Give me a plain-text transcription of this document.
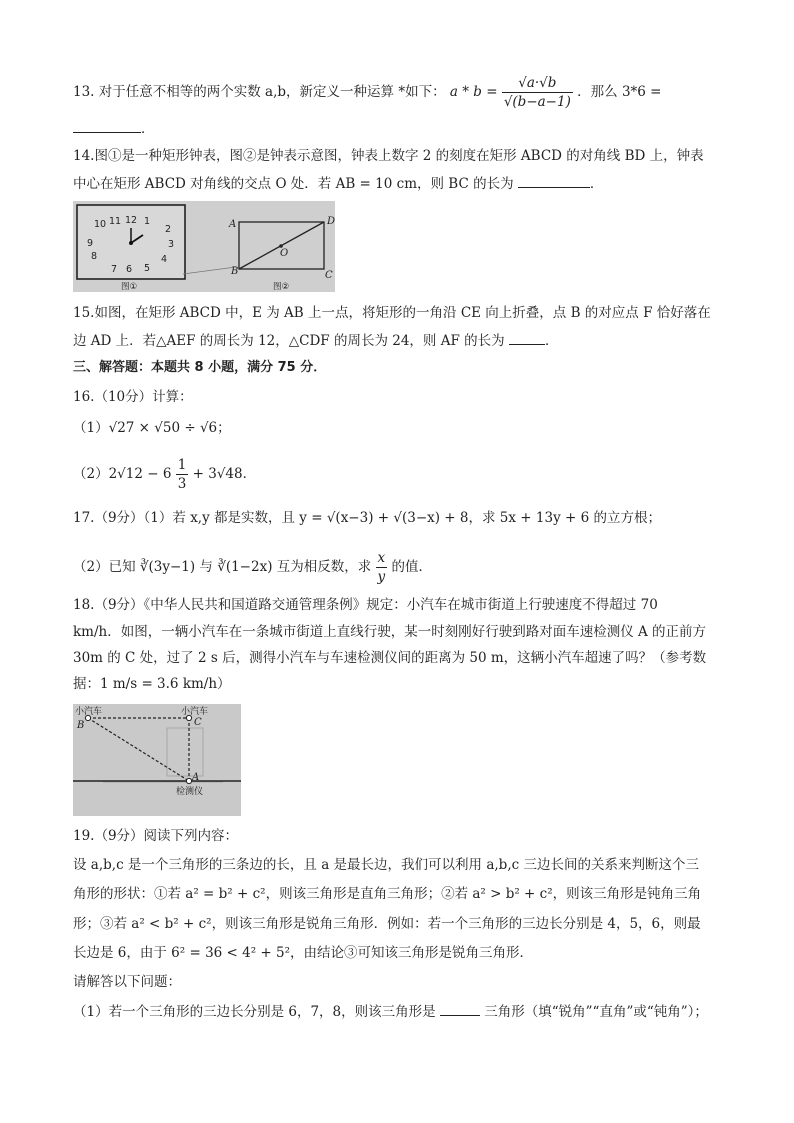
13. 对于任意不相等的两个实数 a,b，新定义一种运算 *如下： $a * b = \frac{√a\cdot√b}{√(b-a-1)}$ ．那么 3*6 =
．
14.图①是一种矩形钟表，图②是钟表示意图，钟表上数字 2 的刻度在矩形 ABCD 的对角线 BD 上，钟表
中心在矩形 ABCD 对角线的交点 O 处．若 AB = 10 cm，则 BC 的长为	．
11 12 1
10	2
3
9
8	4
7 6 5
图①
A	D
B	C
O
图②
15.如图，在矩形 ABCD 中，E 为 AB 上一点，将矩形的一角沿 CE 向上折叠，点 B 的对应点 F 恰好落在
边 AD 上．若△AEF 的周长为 12，△CDF 的周长为 24，则 AF 的长为	．
三、解答题：本题共 8 小题，满分 75 分．
16.（10分）计算：
（1）√27 × √50 ÷ √6；
$(2)2√12 - 6 \frac{1}{3} + 3√48$．
17.（9分）（1）若 x,y 都是实数，且 y = √(x−3) + √(3−x) + 8，求 5x + 13y + 6 的立方根；
（2）已知 ∛(3y−1) 与 ∛(1−2x) 互为相反数，求 $\frac{x}{y}$ 的值．
18.（9分）《中华人民共和国道路交通管理条例》规定：小汽车在城市街道上行驶速度不得超过 70
km/h．如图，一辆小汽车在一条城市街道上直线行驶，某一时刻刚好行驶到路对面车速检测仪 A 的正前方
30m 的 C 处，过了 2 s 后，测得小汽车与车速检测仪间的距离为 50 m，这辆小汽车超速了吗？（参考数
据：1 m/s = 3.6 km/h）
小汽车	小汽车
检测仪
B	C
A
19.（9分）阅读下列内容：
设 a,b,c 是一个三角形的三条边的长，且 a 是最长边，我们可以利用 a,b,c 三边长间的关系来判断这个三
角形的形状：①若 a² = b² + c²，则该三角形是直角三角形；②若 a² > b² + c²，则该三角形是钝角三角
形；③若 a² < b² + c²，则该三角形是锐角三角形．例如：若一个三角形的三边长分别是 4，5，6，则最
长边是 6，由于 6² = 36 < 4² + 5²，由结论③可知该三角形是锐角三角形．
请解答以下问题：
（1）若一个三角形的三边长分别是 6，7，8，则该三角形是	三角形（填“锐角”“直角”或“钝角”）；
